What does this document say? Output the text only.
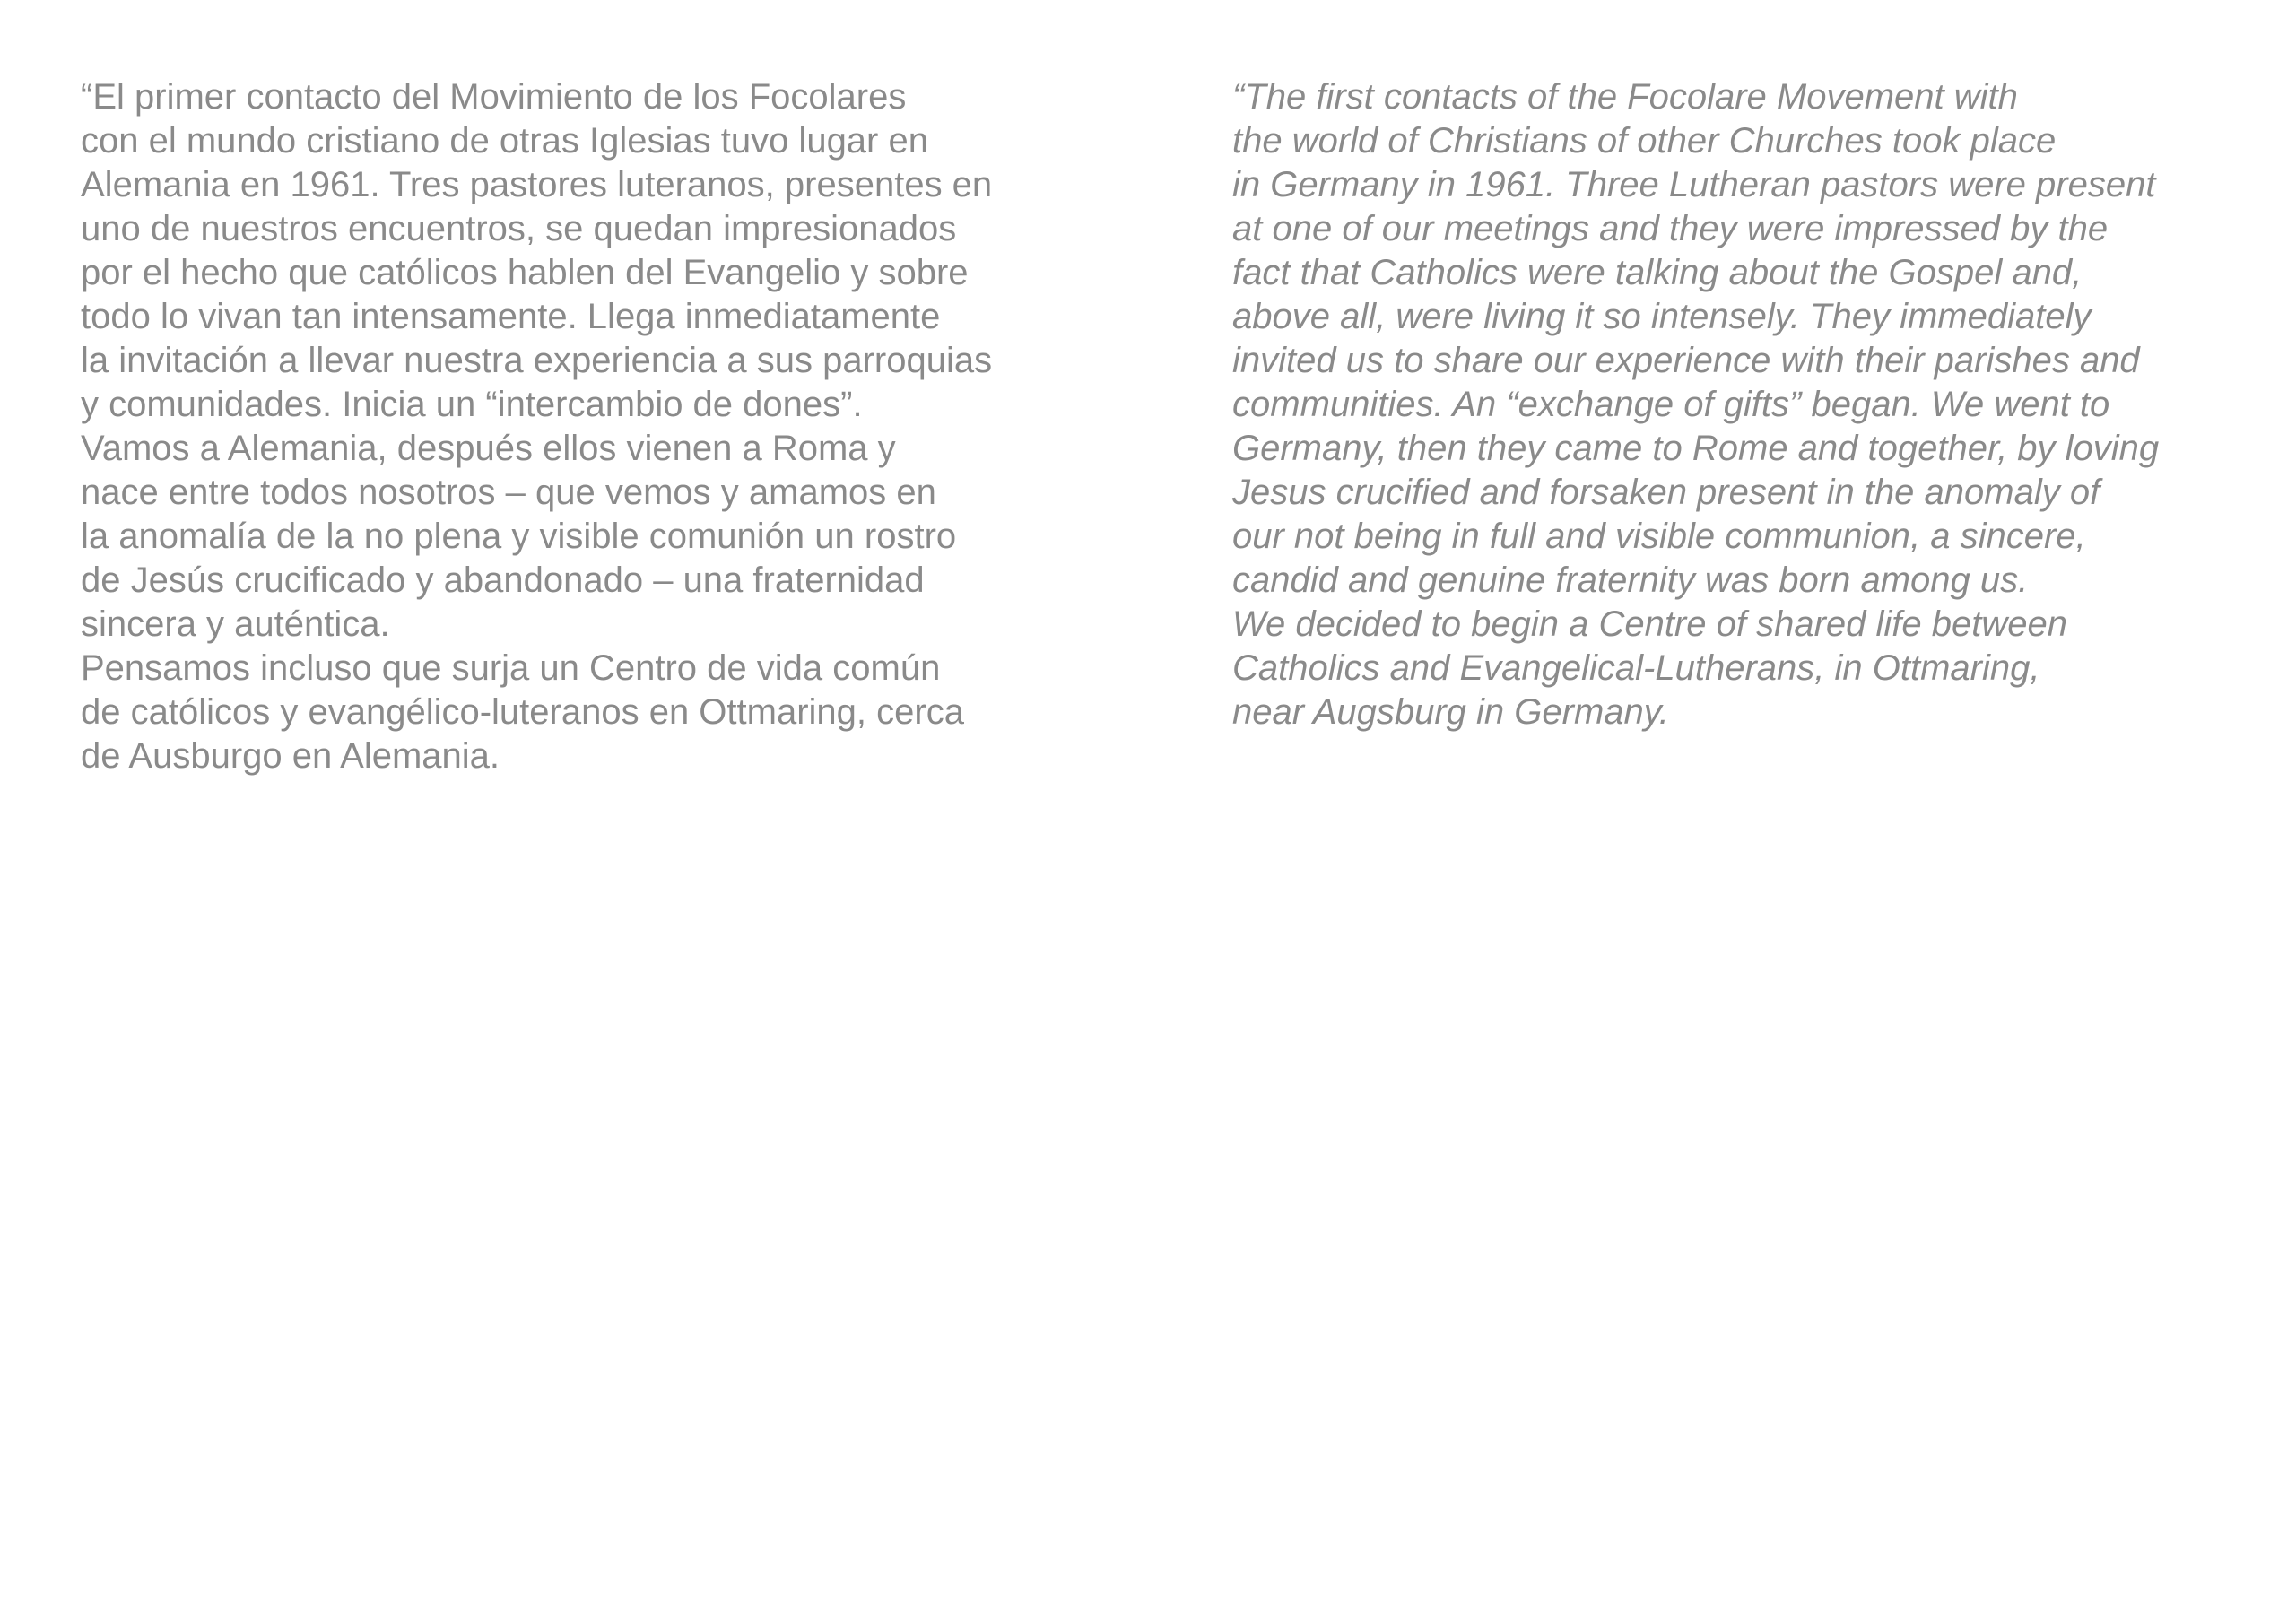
“El primer contacto del Movimiento de los Focolares
con el mundo cristiano de otras Iglesias tuvo lugar en
Alemania en 1961. Tres pastores luteranos, presentes en
uno de nuestros encuentros, se quedan impresionados
por el hecho que católicos hablen del Evangelio y sobre
todo lo vivan tan intensamente. Llega inmediatamente
la invitación a llevar nuestra experiencia a sus parroquias
y comunidades. Inicia un “intercambio de dones”.
Vamos a Alemania, después ellos vienen a Roma y
nace entre todos nosotros – que vemos y amamos en
la anomalía de la no plena y visible comunión un rostro
de Jesús crucificado y abandonado – una fraternidad
sincera y auténtica.
Pensamos incluso que surja un Centro de vida común
de católicos y evangélico-luteranos en Ottmaring, cerca
de Ausburgo en Alemania.
“The first contacts of the Focolare Movement with
the world of Christians of other Churches took place
in Germany in 1961. Three Lutheran pastors were present
at one of our meetings and they were impressed by the
fact that Catholics were talking about the Gospel and,
above all, were living it so intensely. They immediately
invited us to share our experience with their parishes and
communities. An “exchange of gifts” began. We went to
Germany, then they came to Rome and together, by loving
Jesus crucified and forsaken present in the anomaly of
our not being in full and visible communion, a sincere,
candid and genuine fraternity was born among us.
We decided to begin a Centre of shared life between
Catholics and Evangelical-Lutherans, in Ottmaring,
near Augsburg in Germany.
